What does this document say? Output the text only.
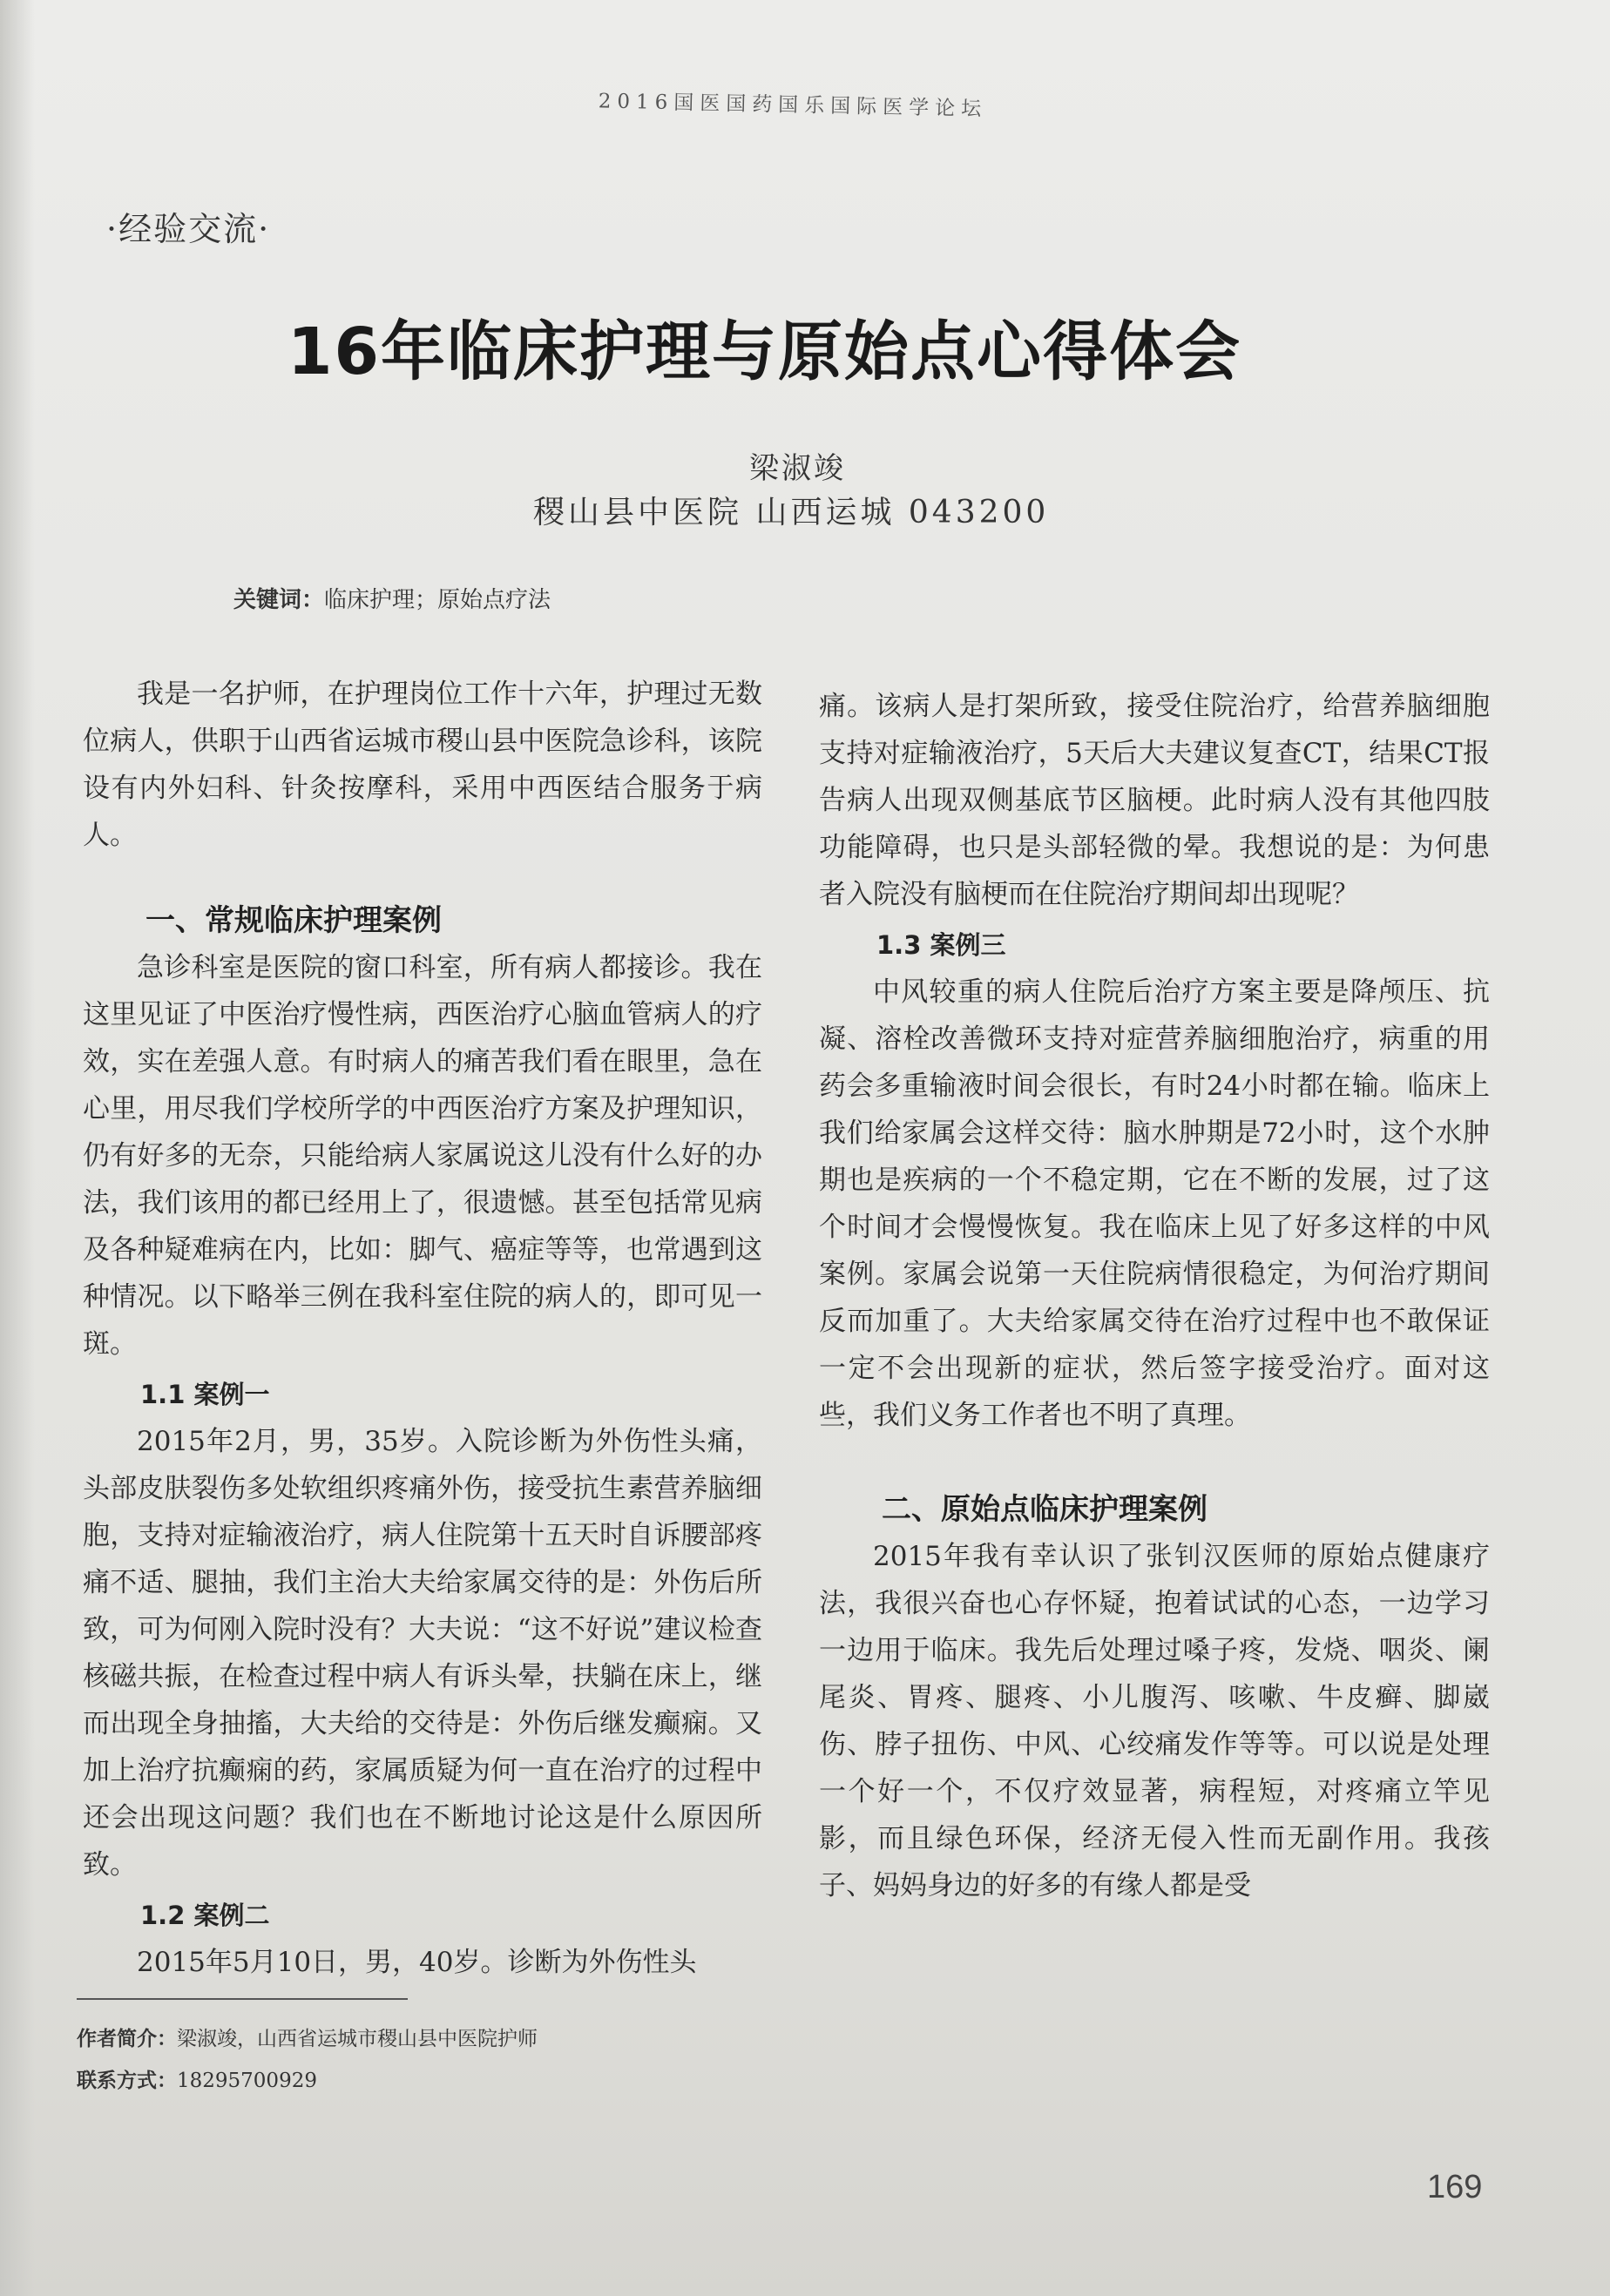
2016国医国药国乐国际医学论坛
·经验交流·
16年临床护理与原始点心得体会
梁淑竣
稷山县中医院 山西运城 043200
关键词：临床护理；原始点疗法

我是一名护师，在护理岗位工作十六年，护理过无数位病人，供职于山西省运城市稷山县中医院急诊科，该院设有内外妇科、针灸按摩科，采用中西医结合服务于病人。

一、常规临床护理案例

急诊科室是医院的窗口科室，所有病人都接诊。我在这里见证了中医治疗慢性病，西医治疗心脑血管病人的疗效，实在差强人意。有时病人的痛苦我们看在眼里，急在心里，用尽我们学校所学的中西医治疗方案及护理知识，仍有好多的无奈，只能给病人家属说这儿没有什么好的办法，我们该用的都已经用上了，很遗憾。甚至包括常见病及各种疑难病在内，比如：脚气、癌症等等，也常遇到这种情况。以下略举三例在我科室住院的病人的，即可见一斑。

1.1 案例一

2015年2月，男，35岁。入院诊断为外伤性头痛，头部皮肤裂伤多处软组织疼痛外伤，接受抗生素营养脑细胞，支持对症输液治疗，病人住院第十五天时自诉腰部疼痛不适、腿抽，我们主治大夫给家属交待的是：外伤后所致，可为何刚入院时没有？大夫说：“这不好说”建议检查核磁共振，在检查过程中病人有诉头晕，扶躺在床上，继而出现全身抽搐，大夫给的交待是：外伤后继发癫痫。又加上治疗抗癫痫的药，家属质疑为何一直在治疗的过程中还会出现这问题？我们也在不断地讨论这是什么原因所致。

1.2 案例二

2015年5月10日，男，40岁。诊断为外伤性头

痛。该病人是打架所致，接受住院治疗，给营养脑细胞支持对症输液治疗，5天后大夫建议复查CT，结果CT报告病人出现双侧基底节区脑梗。此时病人没有其他四肢功能障碍，也只是头部轻微的晕。我想说的是：为何患者入院没有脑梗而在住院治疗期间却出现呢？

1.3 案例三

中风较重的病人住院后治疗方案主要是降颅压、抗凝、溶栓改善微环支持对症营养脑细胞治疗，病重的用药会多重输液时间会很长，有时24小时都在输。临床上我们给家属会这样交待：脑水肿期是72小时，这个水肿期也是疾病的一个不稳定期，它在不断的发展，过了这个时间才会慢慢恢复。我在临床上见了好多这样的中风案例。家属会说第一天住院病情很稳定，为何治疗期间反而加重了。大夫给家属交待在治疗过程中也不敢保证一定不会出现新的症状，然后签字接受治疗。面对这些，我们义务工作者也不明了真理。

二、原始点临床护理案例

2015年我有幸认识了张钊汉医师的原始点健康疗法，我很兴奋也心存怀疑，抱着试试的心态，一边学习一边用于临床。我先后处理过嗓子疼，发烧、咽炎、阑尾炎、胃疼、腿疼、小儿腹泻、咳嗽、牛皮癣、脚崴伤、脖子扭伤、中风、心绞痛发作等等。可以说是处理一个好一个，不仅疗效显著，病程短，对疼痛立竿见影，而且绿色环保，经济无侵入性而无副作用。我孩子、妈妈身边的好多的有缘人都是受

作者简介：梁淑竣，山西省运城市稷山县中医院护师
联系方式：18295700929
169
